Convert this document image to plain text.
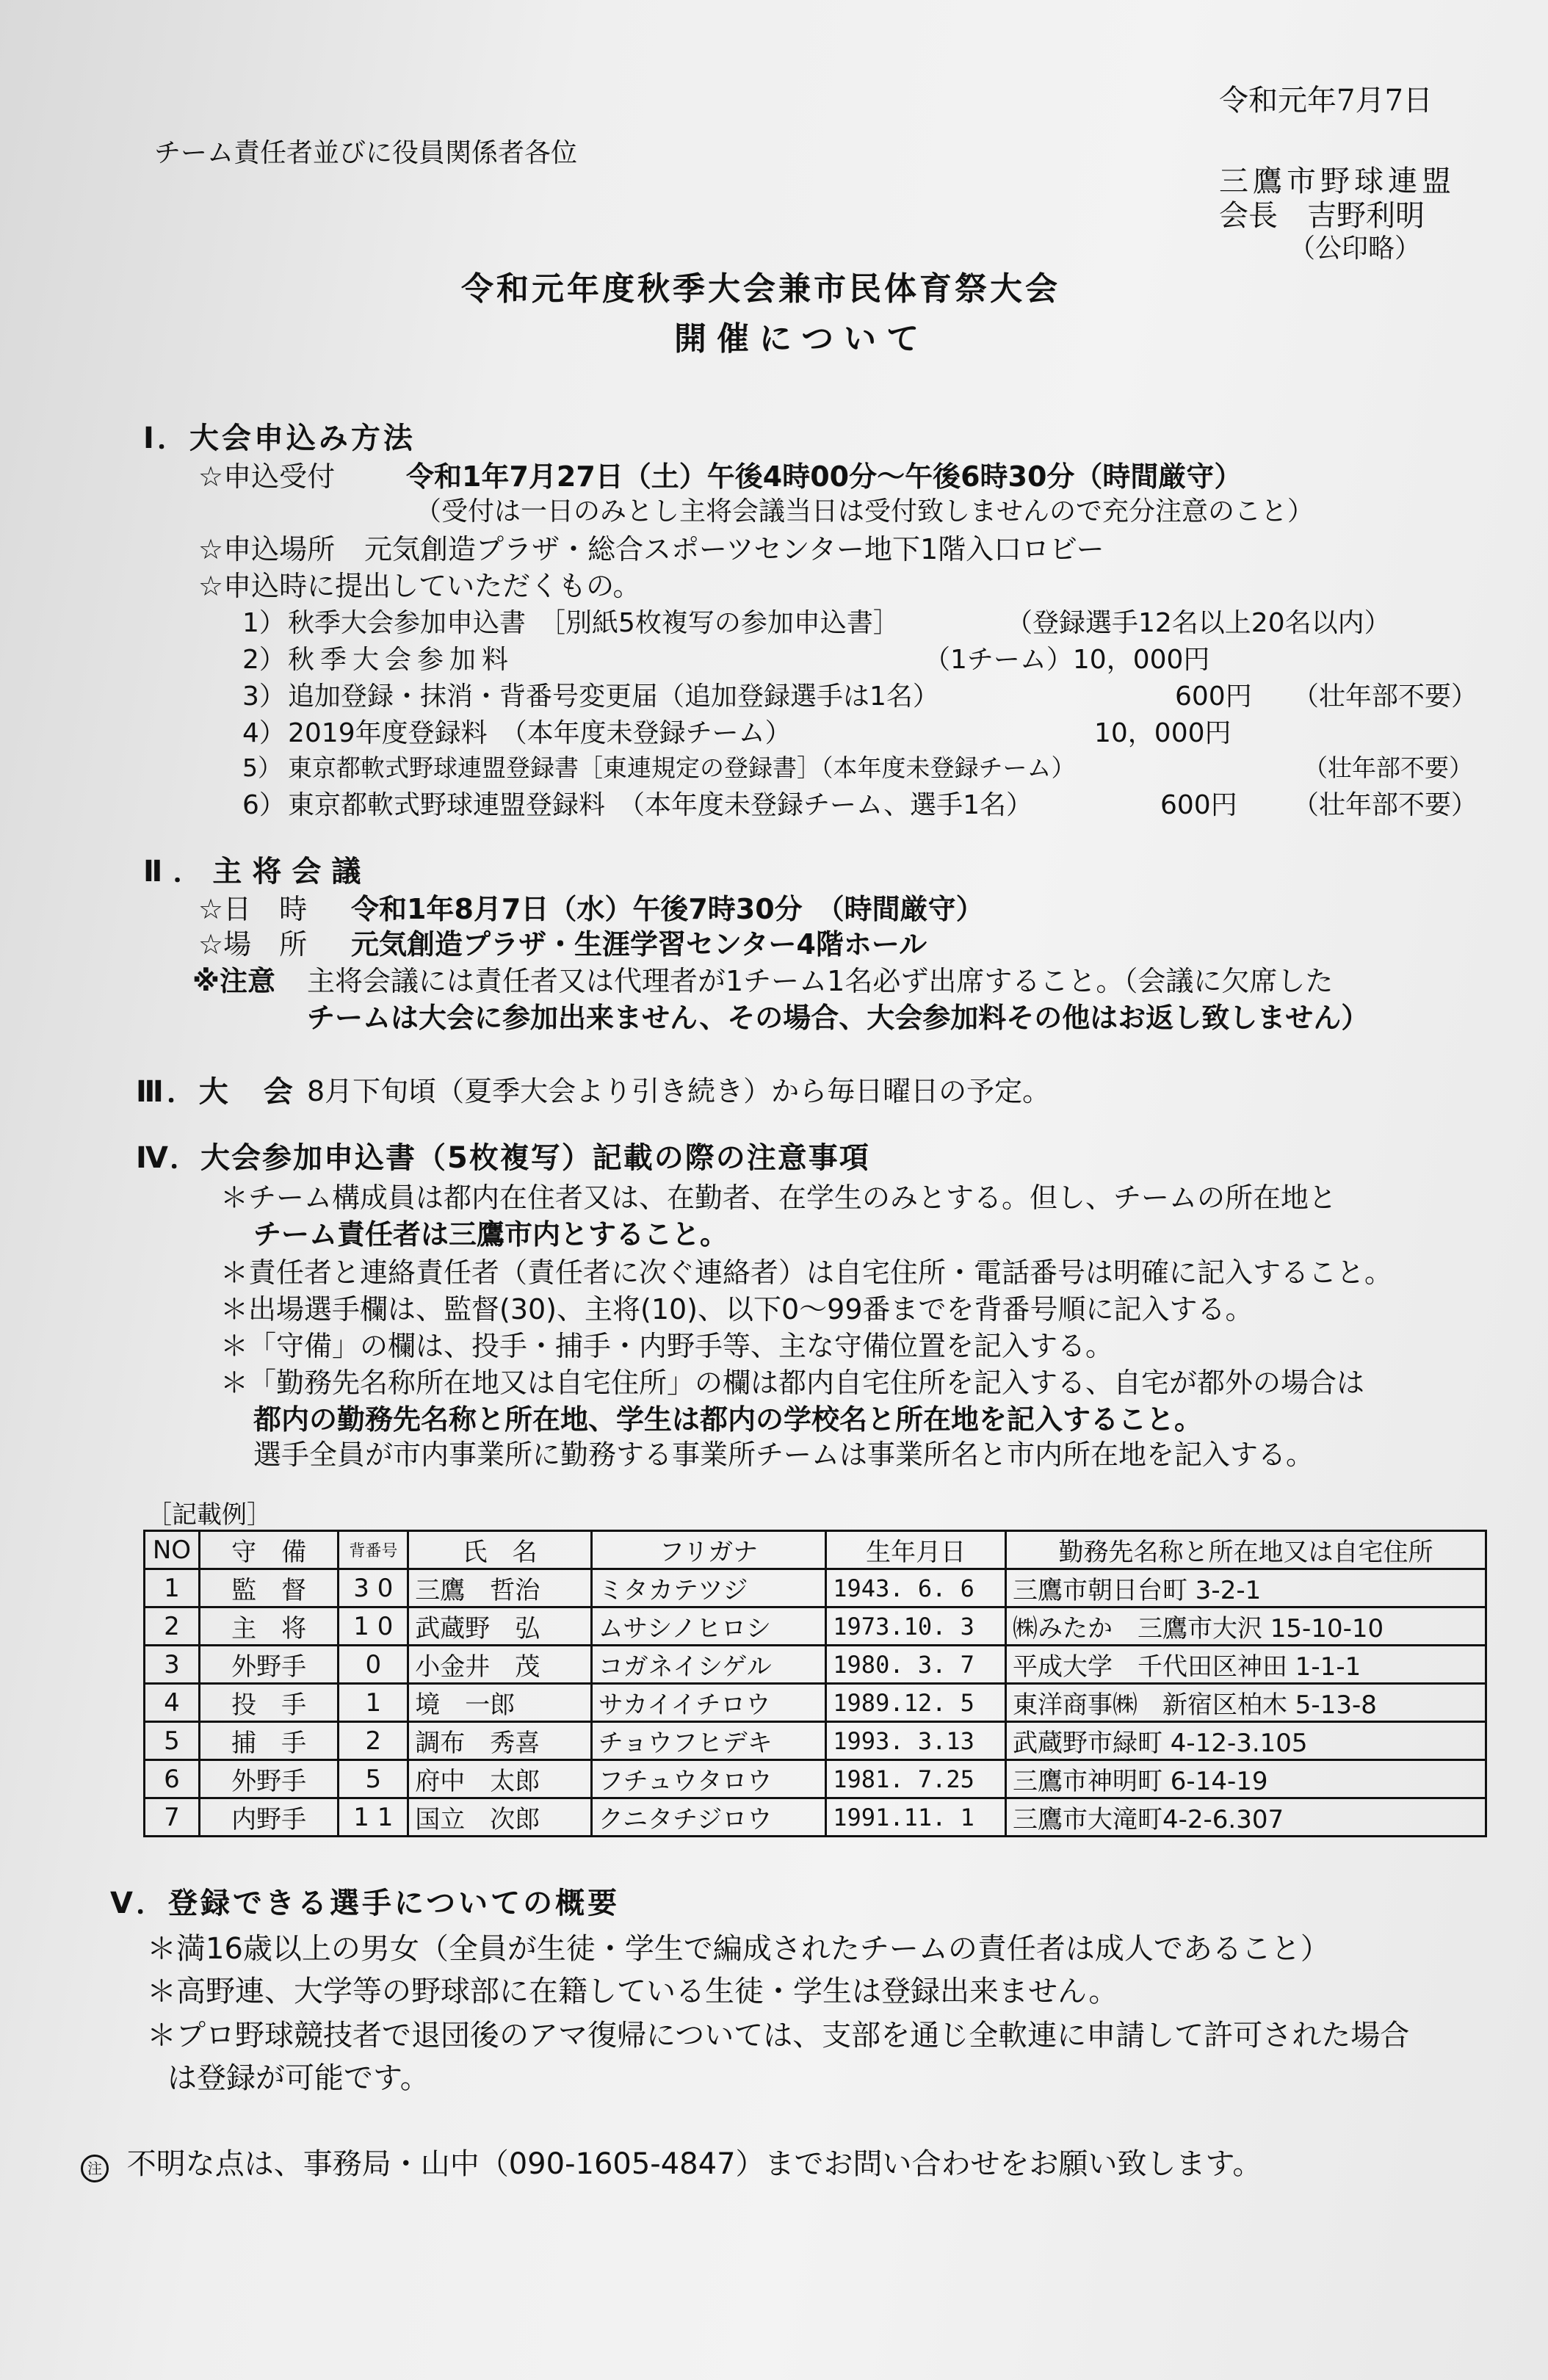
チーム責任者並びに役員関係者各位
令和元年7月7日
三鷹市野球連盟
会長　吉野利明
（公印略）
令和元年度秋季大会兼市民体育祭大会
開催について
Ⅰ．大会申込み方法
☆申込受付	令和1年7月27日（土）午後4時00分～午後6時30分（時間厳守）
（受付は一日のみとし主将会議当日は受付致しませんので充分注意のこと）
☆申込場所 元気創造プラザ・総合スポーツセンター地下1階入口ロビー
☆申込時に提出していただくもの。
1） 秋季大会参加申込書　［別紙5枚複写の参加申込書］	（登録選手12名以上20名以内）
2） 秋季大会参加料	（1チーム）10，000円
3） 追加登録・抹消・背番号変更届（追加登録選手は1名）	600円 （壮年部不要）
4） 2019年度登録料　（本年度未登録チーム）	10，000円
5） 東京都軟式野球連盟登録書［東連規定の登録書］（本年度未登録チーム）	（壮年部不要）
6） 東京都軟式野球連盟登録料　（本年度未登録チーム、選手1名）	600円 （壮年部不要）
Ⅱ．主将会議
☆日　時 令和1年8月7日（水）午後7時30分　（時間厳守）
☆場　所 元気創造プラザ・生涯学習センター4階ホール
※注意 主将会議には責任者又は代理者が1チーム1名必ず出席すること。（会議に欠席した
チームは大会に参加出来ません、その場合、大会参加料その他はお返し致しません）
Ⅲ．大　会 8月下旬頃（夏季大会より引き続き）から毎日曜日の予定。
Ⅳ．大会参加申込書（5枚複写）記載の際の注意事項
＊チーム構成員は都内在住者又は、在勤者、在学生のみとする。但し、チームの所在地と
チーム責任者は三鷹市内とすること。
＊責任者と連絡責任者（責任者に次ぐ連絡者）は自宅住所・電話番号は明確に記入すること。
＊出場選手欄は、監督(30)、主将(10)、以下0～99番までを背番号順に記入する。
＊「守備」の欄は、投手・捕手・内野手等、主な守備位置を記入する。
＊「勤務先名称所在地又は自宅住所」の欄は都内自宅住所を記入する、自宅が都外の場合は
都内の勤務先名称と所在地、学生は都内の学校名と所在地を記入すること。
選手全員が市内事業所に勤務する事業所チームは事業所名と市内所在地を記入する。
［記載例］
NO	守　備	背番号	氏　名	フリガナ	生年月日	勤務先名称と所在地又は自宅住所
1	監　督	3 0	三鷹　哲治	ミタカテツジ	1943. 6. 6	三鷹市朝日台町 3-2-1
2	主　将	1 0	武蔵野　弘	ムサシノヒロシ	1973.10. 3	㈱みたか　三鷹市大沢 15-10-10
3	外野手	0	小金井　茂	コガネイシゲル	1980. 3. 7	平成大学　千代田区神田 1-1-1
4	投　手	1	境　一郎	サカイイチロウ	1989.12. 5	東洋商事㈱　新宿区柏木 5-13-8
5	捕　手	2	調布　秀喜	チョウフヒデキ	1993. 3.13	武蔵野市緑町 4-12-3.105
6	外野手	5	府中　太郎	フチュウタロウ	1981. 7.25	三鷹市神明町 6-14-19
7	内野手	1 1	国立　次郎	クニタチジロウ	1991.11. 1	三鷹市大滝町4-2-6.307
Ⅴ．登録できる選手についての概要
＊満16歳以上の男女（全員が生徒・学生で編成されたチームの責任者は成人であること）
＊高野連、大学等の野球部に在籍している生徒・学生は登録出来ません。
＊プロ野球競技者で退団後のアマ復帰については、支部を通じ全軟連に申請して許可された場合
は登録が可能です。
注 不明な点は、事務局・山中（090-1605-4847）までお問い合わせをお願い致します。
